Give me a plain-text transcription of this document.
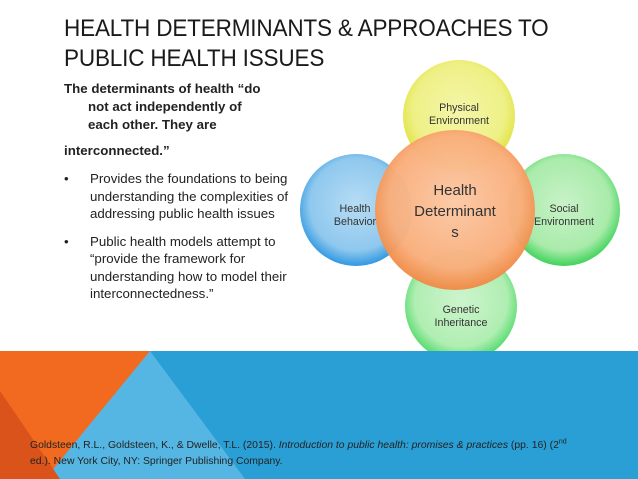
HEALTH DETERMINANTS & APPROACHES TO
PUBLIC HEALTH ISSUES
The determinants of health “do
not act independently of
each other. They are
interconnected.”
• Provides the foundations to being understanding the complexities of addressing public health issues
• Public health models attempt to “provide the framework for understanding how to model their interconnectedness.”
Physical
Environment
Social
Environment
Genetic
Inheritance
Health
Behavior
Health
Determinant
s
Goldsteen, R.L., Goldsteen, K., & Dwelle, T.L. (2015). Introduction to public health: promises & practices (pp. 16) (2nd
ed.). New York City, NY: Springer Publishing Company.
